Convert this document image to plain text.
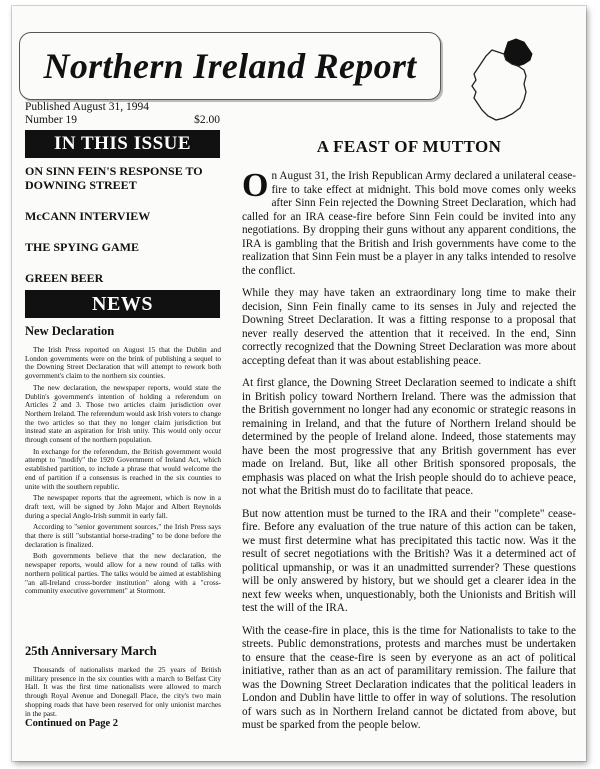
Northern Ireland Report
Published August 31, 1994
Number 19	$2.00
IN THIS ISSUE
ON SINN FEIN'S RESPONSE TO DOWNING STREET
McCANN INTERVIEW
THE SPYING GAME
GREEN BEER
NEWS
New Declaration

The Irish Press reported on August 15 that the Dublin and London governments were on the brink of publishing a sequel to the Downing Street Declaration that will attempt to rework both government's claim to the northern six counties.

The new declaration, the newspaper reports, would state the Dublin's government's intention of holding a referendum on Articles 2 and 3. Those two articles claim jurisdiction over Northern Ireland. The referendum would ask Irish voters to change the two articles so that they no longer claim jurisdiction but instead state an aspiration for Irish unity. This would only occur through consent of the northern population.

In exchange for the referendum, the British government would attempt to "modify" the 1920 Government of Ireland Act, which established partition, to include a phrase that would welcome the end of partition if a consensus is reached in the six counties to unite with the southern republic.

The newspaper reports that the agreement, which is now in a draft text, will be signed by John Major and Albert Reynolds during a special Anglo-Irish summit in early fall.

According to "senior government sources," the Irish Press says that there is still "substantial horse-trading" to be done before the declaration is finalized.

Both governments believe that the new declaration, the newspaper reports, would allow for a new round of talks with northern political parties. The talks would be aimed at establishing "an all-Ireland cross-border institution" along with a "cross-community executive government" at Stormont.

25th Anniversary March

Thousands of nationalists marked the 25 years of British military presence in the six counties with a march to Belfast City Hall. It was the first time nationalists were allowed to march through Royal Avenue and Donegall Place, the city's two main shopping roads that have been reserved for only unionist marches in the past.

Continued on Page 2
A FEAST OF MUTTON

On August 31, the Irish Republican Army declared a unilateral cease-fire to take effect at midnight. This bold move comes only weeks after Sinn Fein rejected the Downing Street Declaration, which had called for an IRA cease-fire before Sinn Fein could be invited into any negotiations. By dropping their guns without any apparent conditions, the IRA is gambling that the British and Irish governments have come to the realization that Sinn Fein must be a player in any talks intended to resolve the conflict.

While they may have taken an extraordinary long time to make their decision, Sinn Fein finally came to its senses in July and rejected the Downing Street Declaration. It was a fitting response to a proposal that never really deserved the attention that it received. In the end, Sinn correctly recognized that the Downing Street Declaration was more about accepting defeat than it was about establishing peace.

At first glance, the Downing Street Declaration seemed to indicate a shift in British policy toward Northern Ireland. There was the admission that the British government no longer had any economic or strategic reasons in remaining in Ireland, and that the future of Northern Ireland should be determined by the people of Ireland alone. Indeed, those statements may have been the most progressive that any British government has ever made on Ireland. But, like all other British sponsored proposals, the emphasis was placed on what the Irish people should do to achieve peace, not what the British must do to facilitate that peace.

But now attention must be turned to the IRA and their "complete" cease-fire. Before any evaluation of the true nature of this action can be taken, we must first determine what has precipitated this tactic now. Was it the result of secret negotiations with the British? Was it a determined act of political upmanship, or was it an unadmitted surrender? These questions will be only answered by history, but we should get a clearer idea in the next few weeks when, unquestionably, both the Unionists and British will test the will of the IRA.

With the cease-fire in place, this is the time for Nationalists to take to the streets. Public demonstrations, protests and marches must be undertaken to ensure that the cease-fire is seen by everyone as an act of political initiative, rather than as an act of paramilitary remission. The failure that was the Downing Street Declaration indicates that the political leaders in London and Dublin have little to offer in way of solutions. The resolution of wars such as in Northern Ireland cannot be dictated from above, but must be sparked from the people below.
